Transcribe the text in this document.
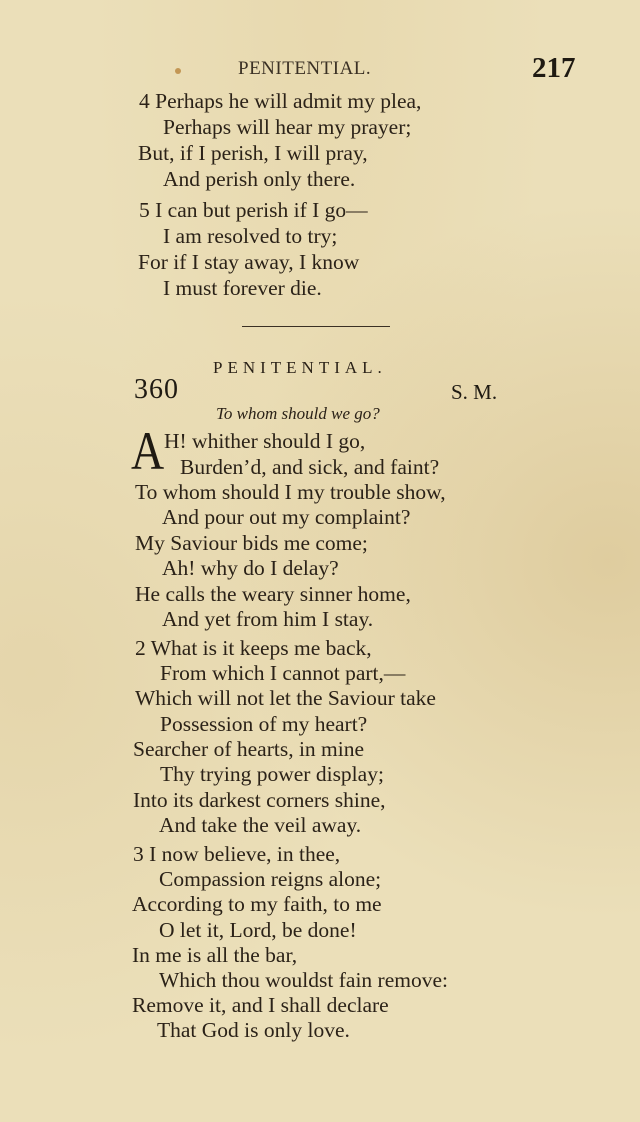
PENITENTIAL.	217
4 Perhaps he will admit my plea,
Perhaps will hear my prayer;
But, if I perish, I will pray,
And perish only there.
5 I can but perish if I go—
I am resolved to try;
For if I stay away, I know
I must forever die.
PENITENTIAL.
360	S. M.
To whom should we go?
A H! whither should I go,
Burden’d, and sick, and faint?
To whom should I my trouble show,
And pour out my complaint?
My Saviour bids me come;
Ah! why do I delay?
He calls the weary sinner home,
And yet from him I stay.
2 What is it keeps me back,
From which I cannot part,—
Which will not let the Saviour take
Possession of my heart?
Searcher of hearts, in mine
Thy trying power display;
Into its darkest corners shine,
And take the veil away.
3 I now believe, in thee,
Compassion reigns alone;
According to my faith, to me
O let it, Lord, be done!
In me is all the bar,
Which thou wouldst fain remove:
Remove it, and I shall declare
That God is only love.
